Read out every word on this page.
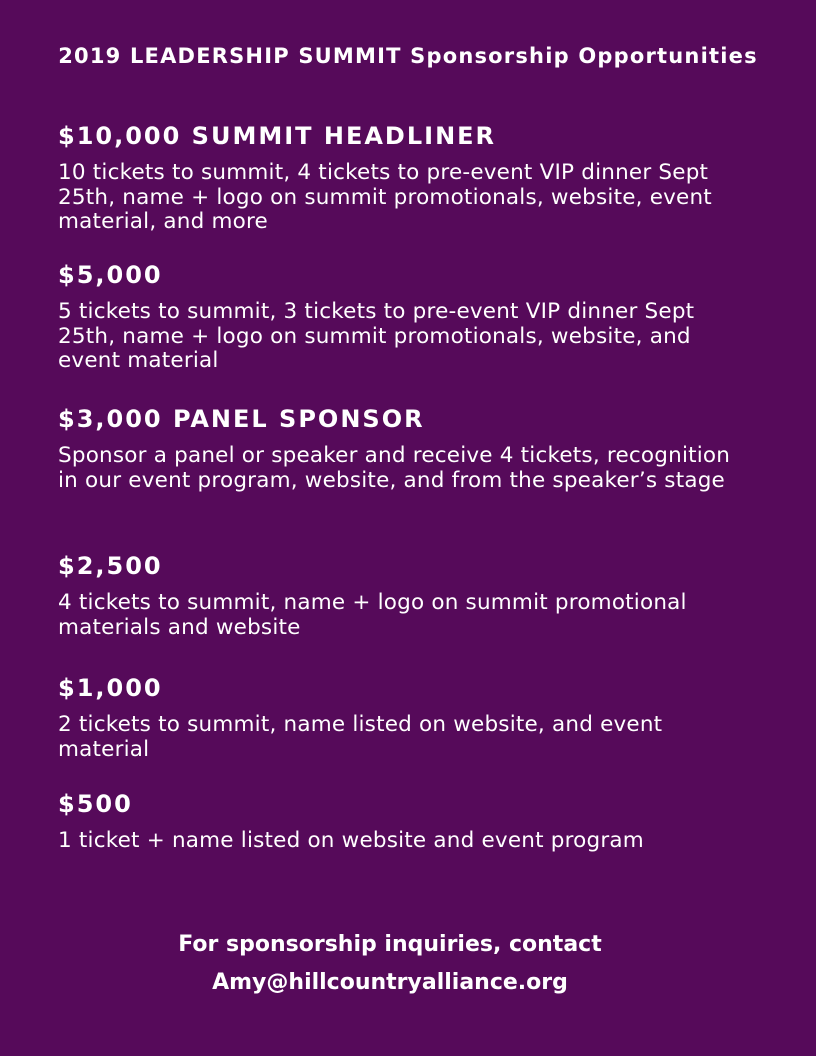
2019 LEADERSHIP SUMMIT Sponsorship Opportunities
$10,000 SUMMIT HEADLINER
10 tickets to summit, 4 tickets to pre-event VIP dinner Sept 25th, name + logo on summit promotionals, website, event material, and more
$5,000
5 tickets to summit, 3 tickets to pre-event VIP dinner Sept 25th, name + logo on summit promotionals, website, and event material
$3,000 PANEL SPONSOR
Sponsor a panel or speaker and receive 4 tickets, recognition in our event program, website, and from the speaker’s stage
$2,500
4 tickets to summit, name + logo on summit promotional materials and website
$1,000
2 tickets to summit, name listed on website, and event material
$500
1 ticket + name listed on website and event program
For sponsorship inquiries, contact
Amy@hillcountryalliance.org
